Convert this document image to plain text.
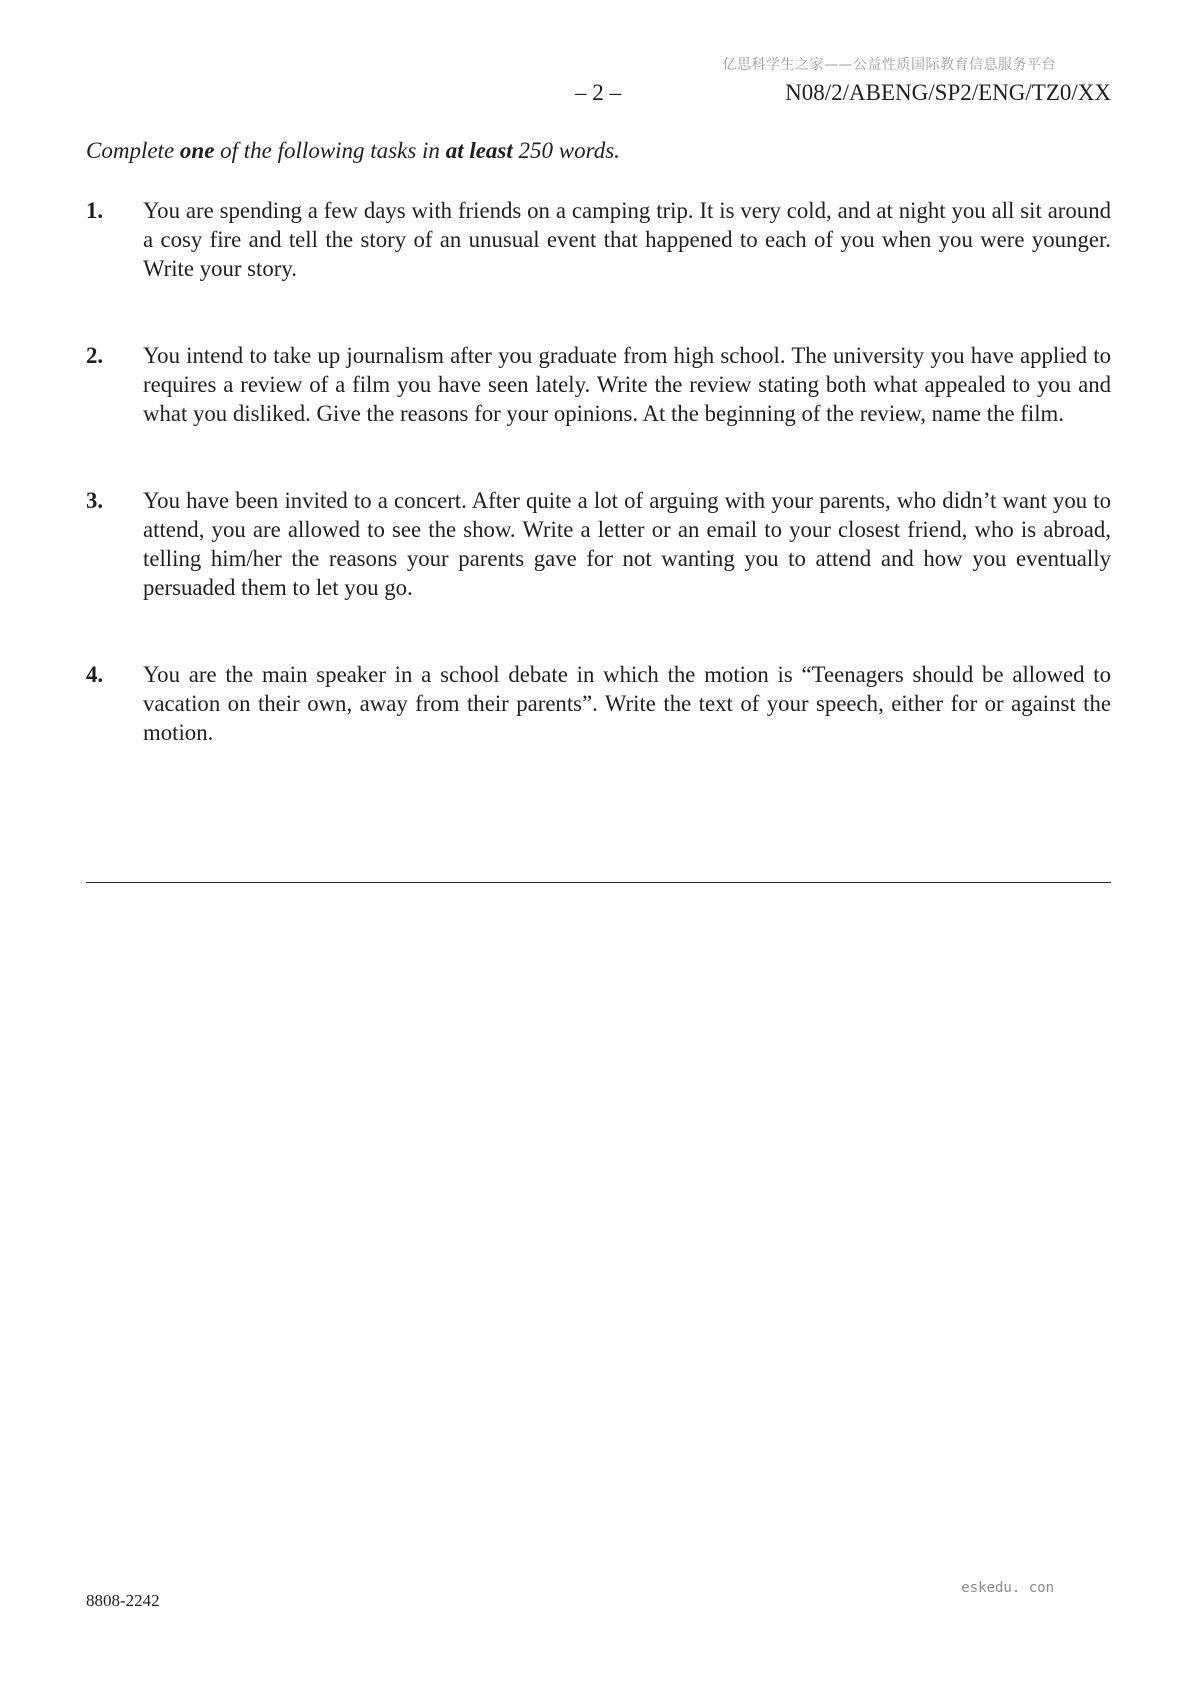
亿思科学生之家——公益性质国际教育信息服务平台
– 2 –	N08/2/ABENG/SP2/ENG/TZ0/XX
Complete one of the following tasks in at least 250 words.
1. You are spending a few days with friends on a camping trip. It is very cold, and at night you all sit around a cosy fire and tell the story of an unusual event that happened to each of you when you were younger. Write your story.
2. You intend to take up journalism after you graduate from high school. The university you have applied to requires a review of a film you have seen lately. Write the review stating both what appealed to you and what you disliked. Give the reasons for your opinions. At the beginning of the review, name the film.
3. You have been invited to a concert. After quite a lot of arguing with your parents, who didn’t want you to attend, you are allowed to see the show. Write a letter or an email to your closest friend, who is abroad, telling him/her the reasons your parents gave for not wanting you to attend and how you eventually persuaded them to let you go.
4. You are the main speaker in a school debate in which the motion is “Teenagers should be allowed to vacation on their own, away from their parents”. Write the text of your speech, either for or against the motion.
8808-2242
eskedu. con
